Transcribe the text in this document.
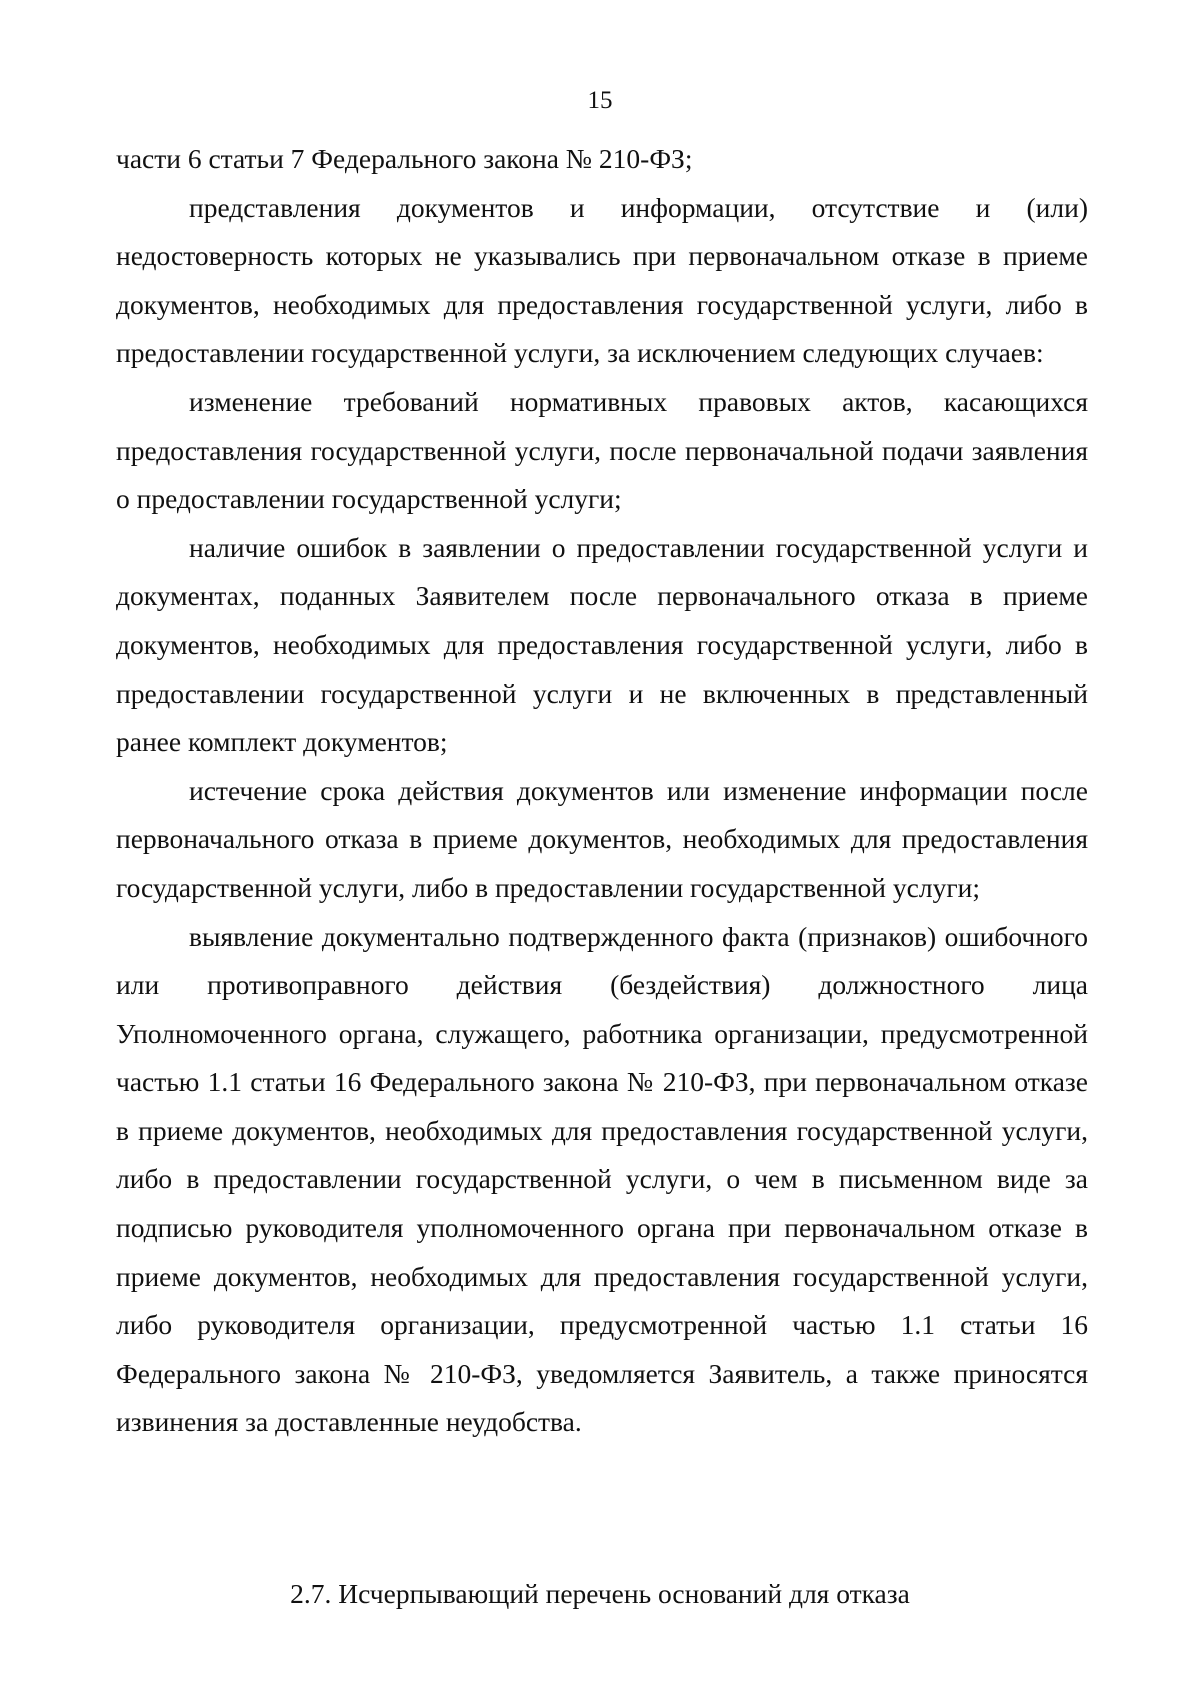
15

части 6 статьи 7 Федерального закона № 210-ФЗ;

представления документов и информации, отсутствие и (или) недостоверность которых не указывались при первоначальном отказе в приеме документов, необходимых для предоставления государственной услуги, либо в предоставлении государственной услуги, за исключением следующих случаев:

изменение требований нормативных правовых актов, касающихся предоставления государственной услуги, после первоначальной подачи заявления о предоставлении государственной услуги;

наличие ошибок в заявлении о предоставлении государственной услуги и документах, поданных Заявителем после первоначального отказа в приеме документов, необходимых для предоставления государственной услуги, либо в предоставлении государственной услуги и не включенных в представленный ранее комплект документов;

истечение срока действия документов или изменение информации после первоначального отказа в приеме документов, необходимых для предоставления государственной услуги, либо в предоставлении государственной услуги;

выявление документально подтвержденного факта (признаков) ошибочного или противоправного действия (бездействия) должностного лица Уполномоченного органа, служащего, работника организации, предусмотренной частью 1.1 статьи 16 Федерального закона № 210-ФЗ, при первоначальном отказе в приеме документов, необходимых для предоставления государственной услуги, либо в предоставлении государственной услуги, о чем в письменном виде за подписью руководителя уполномоченного органа при первоначальном отказе в приеме документов, необходимых для предоставления государственной услуги, либо руководителя организации, предусмотренной частью 1.1 статьи 16 Федерального закона № 210-ФЗ, уведомляется Заявитель, а также приносятся извинения за доставленные неудобства.

2.7. Исчерпывающий перечень оснований для отказа
